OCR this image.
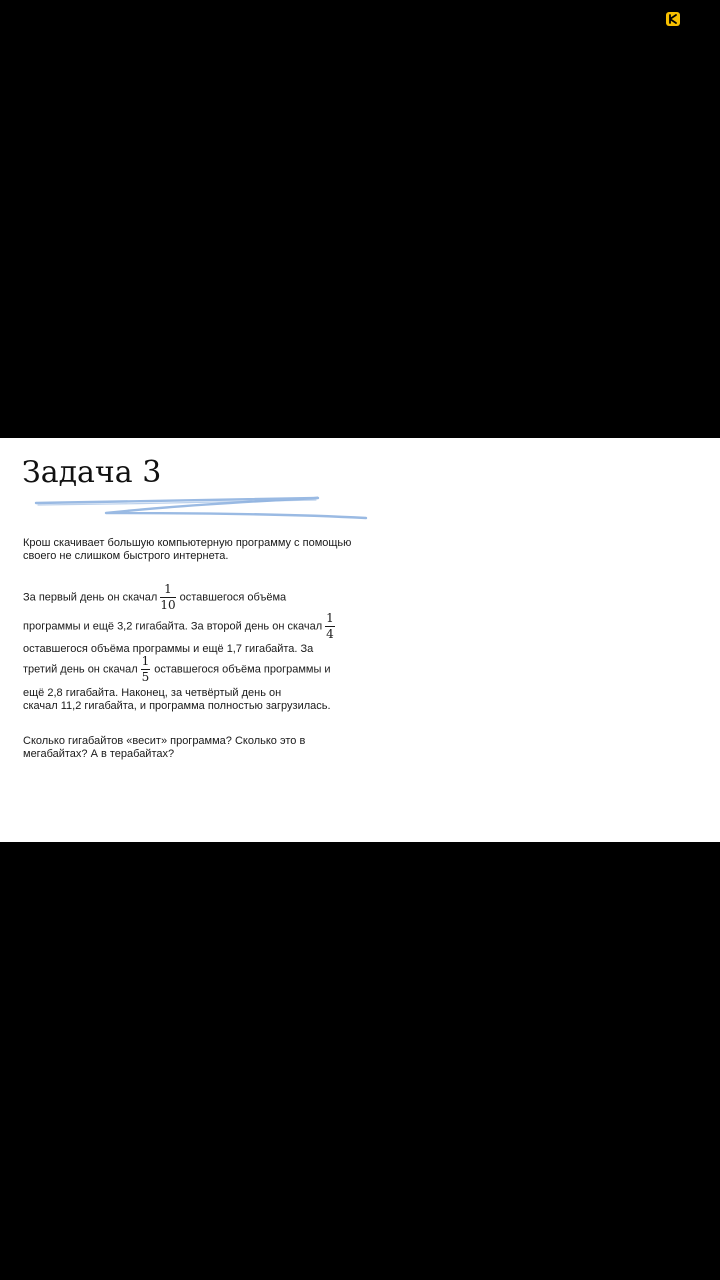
Задача 3

Крош скачивает большую компьютерную программу с помощью своего не слишком быстрого интернета.

За первый день он скачал $\frac{1}{10}$ оставшегося объёма
программы и ещё 3,2 гигабайта. За второй день он скачал $\frac{1}{4}$
оставшегося объёма программы и ещё 1,7 гигабайта. За
третий день он скачал $\frac{1}{5}$ оставшегося объёма программы и
ещё 2,8 гигабайта. Наконец, за четвёртый день он
скачал 11,2 гигабайта, и программа полностью загрузилась.

Сколько гигабайтов «весит» программа? Сколько это в мегабайтах? А в терабайтах?
